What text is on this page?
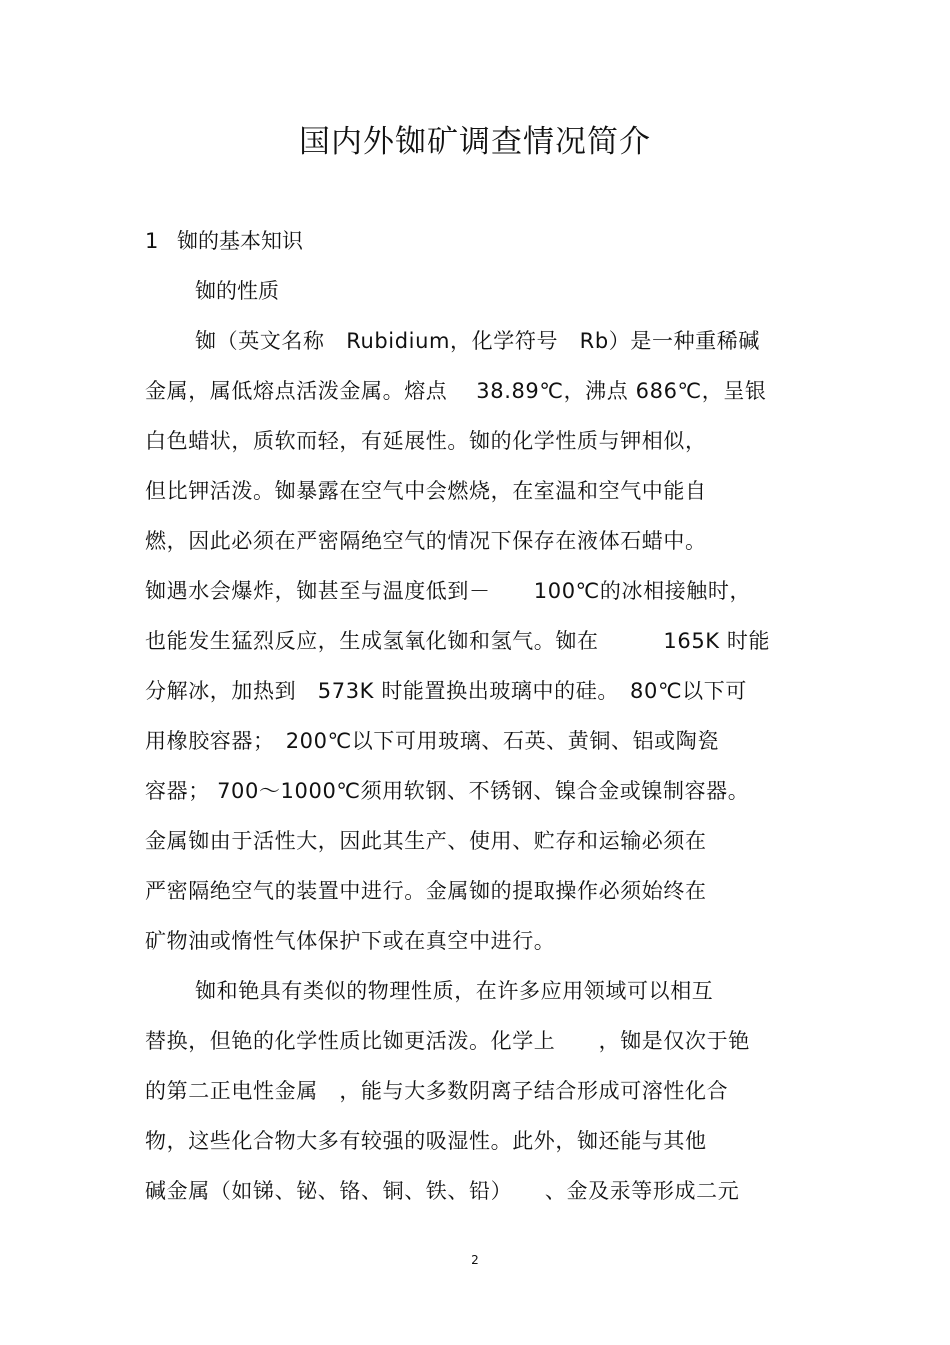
国内外铷矿调查情况简介
1 铷的基本知识
铷的性质
铷（英文名称　Rubidium，化学符号　Rb）是一种重稀碱
金属，属低熔点活泼金属。熔点　 38.89℃，沸点 686℃，呈银
白色蜡状，质软而轻，有延展性。铷的化学性质与钾相似，
但比钾活泼。铷暴露在空气中会燃烧，在室温和空气中能自
燃，因此必须在严密隔绝空气的情况下保存在液体石蜡中。
铷遇水会爆炸，铷甚至与温度低到－　　100℃的冰相接触时，
也能发生猛烈反应，生成氢氧化铷和氢气。铷在　　　165K 时能
分解冰，加热到　573K 时能置换出玻璃中的硅。　80℃以下可
用橡胶容器；　200℃以下可用玻璃、石英、黄铜、铝或陶瓷
容器； 700～1000℃须用软钢、不锈钢、镍合金或镍制容器。
金属铷由于活性大，因此其生产、使用、贮存和运输必须在
严密隔绝空气的装置中进行。金属铷的提取操作必须始终在
矿物油或惰性气体保护下或在真空中进行。
铷和铯具有类似的物理性质，在许多应用领域可以相互
替换，但铯的化学性质比铷更活泼。化学上　　，铷是仅次于铯
的第二正电性金属　，能与大多数阴离子结合形成可溶性化合
物，这些化合物大多有较强的吸湿性。此外，铷还能与其他
碱金属（如锑、铋、铬、铜、铁、铅）　　、金及汞等形成二元
2
